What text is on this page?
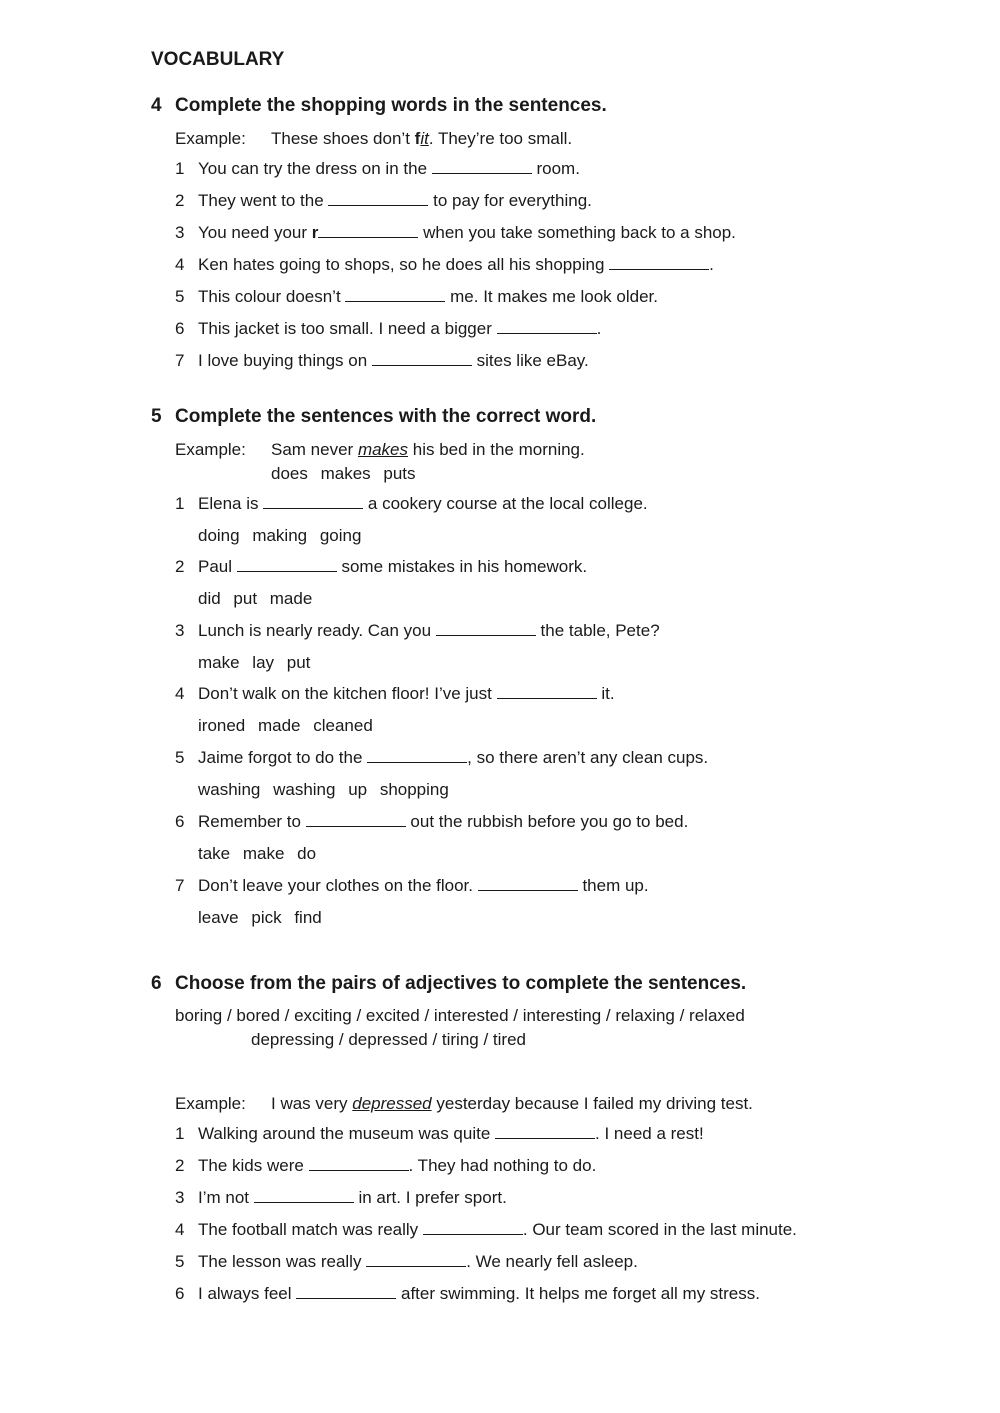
VOCABULARY
4 Complete the shopping words in the sentences.
Example: These shoes don’t fit. They’re too small.
1 You can try the dress on in the	room.
2 They went to the	to pay for everything.
3 You need your r	when you take something back to a shop.
4 Ken hates going to shops, so he does all his shopping	.
5 This colour doesn’t	me. It makes me look older.
6 This jacket is too small. I need a bigger	.
7 I love buying things on	sites like eBay.
5 Complete the sentences with the correct word.
Example: Sam never makes his bed in the morning.
does makes puts
1 Elena is	a cookery course at the local college.
doing making going
2 Paul	some mistakes in his homework.
did put made
3 Lunch is nearly ready. Can you	the table, Pete?
make lay put
4 Don’t walk on the kitchen floor! I’ve just	it.
ironed made cleaned
5 Jaime forgot to do the	, so there aren’t any clean cups.
washing washing up shopping
6 Remember to	out the rubbish before you go to bed.
take make do
7 Don’t leave your clothes on the floor.	them up.
leave pick find
6 Choose from the pairs of adjectives to complete the sentences.
boring / bored / exciting / excited / interested / interesting / relaxing / relaxed
depressing / depressed / tiring / tired
Example: I was very depressed yesterday because I failed my driving test.
1 Walking around the museum was quite	. I need a rest!
2 The kids were	. They had nothing to do.
3 I’m not	in art. I prefer sport.
4 The football match was really	. Our team scored in the last minute.
5 The lesson was really	. We nearly fell asleep.
6 I always feel	after swimming. It helps me forget all my stress.
